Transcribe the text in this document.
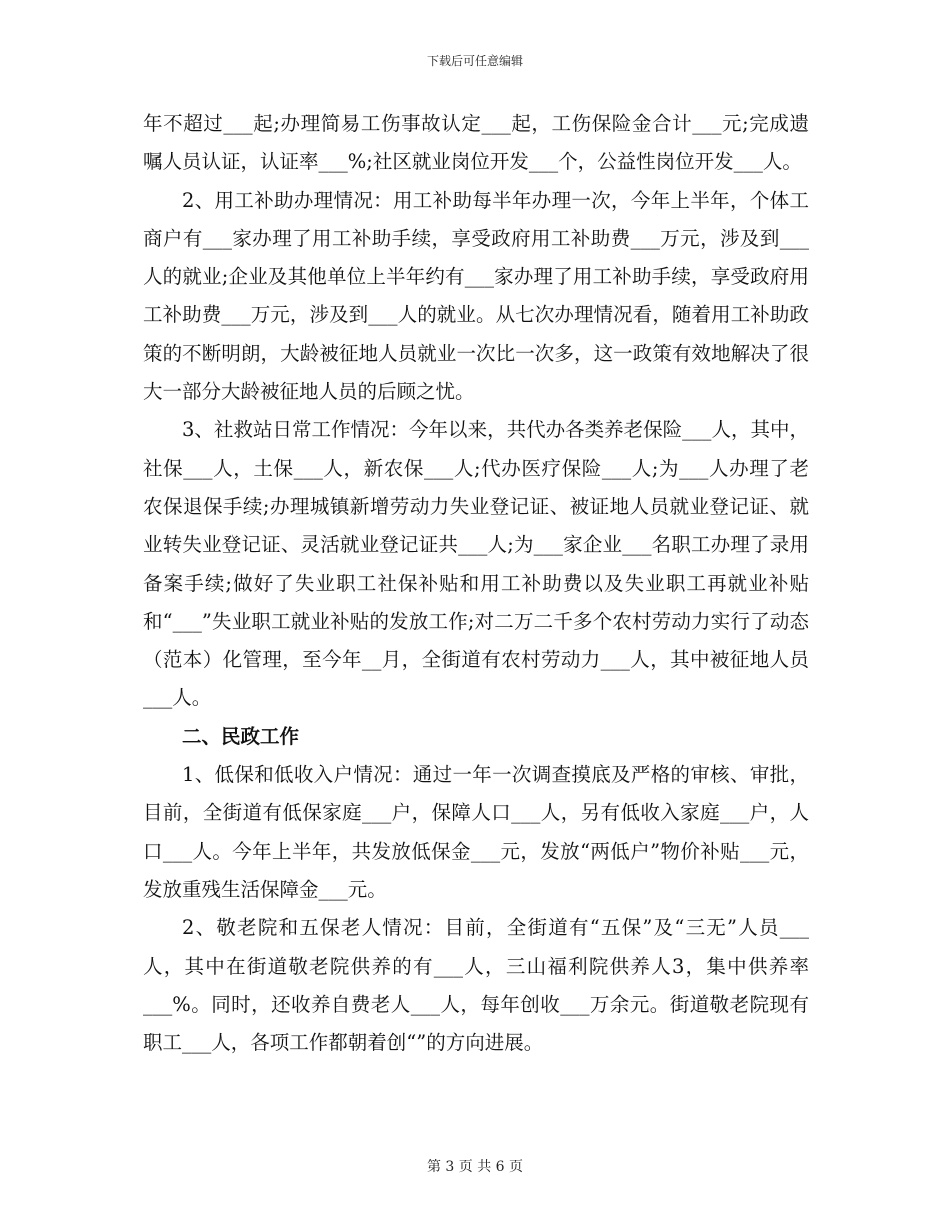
下载后可任意编辑

年不超过___起;办理简易工伤事故认定___起，工伤保险金合计___元;完成遗嘱人员认证，认证率___%;社区就业岗位开发___个，公益性岗位开发___人。

2、用工补助办理情况：用工补助每半年办理一次，今年上半年，个体工商户有___家办理了用工补助手续，享受政府用工补助费___万元，涉及到___人的就业;企业及其他单位上半年约有___家办理了用工补助手续，享受政府用工补助费___万元，涉及到___人的就业。从七次办理情况看，随着用工补助政策的不断明朗，大龄被征地人员就业一次比一次多，这一政策有效地解决了很大一部分大龄被征地人员的后顾之忧。

3、社救站日常工作情况：今年以来，共代办各类养老保险___人，其中，社保___人，土保___人，新农保___人;代办医疗保险___人;为___人办理了老农保退保手续;办理城镇新增劳动力失业登记证、被证地人员就业登记证、就业转失业登记证、灵活就业登记证共___人;为___家企业___名职工办理了录用备案手续;做好了失业职工社保补贴和用工补助费以及失业职工再就业补贴和“___”失业职工就业补贴的发放工作;对二万二千多个农村劳动力实行了动态（范本）化管理，至今年__月，全街道有农村劳动力___人，其中被征地人员___人。

二、民政工作

1、低保和低收入户情况：通过一年一次调查摸底及严格的审核、审批，目前，全街道有低保家庭___户，保障人口___人，另有低收入家庭___户，人口___人。今年上半年，共发放低保金___元，发放“两低户”物价补贴___元，发放重残生活保障金___元。

2、敬老院和五保老人情况：目前，全街道有“五保”及“三无”人员___人，其中在街道敬老院供养的有___人，三山福利院供养人3，集中供养率___%。同时，还收养自费老人___人，每年创收___万余元。街道敬老院现有职工___人，各项工作都朝着创“”的方向进展。

第 3 页 共 6 页
